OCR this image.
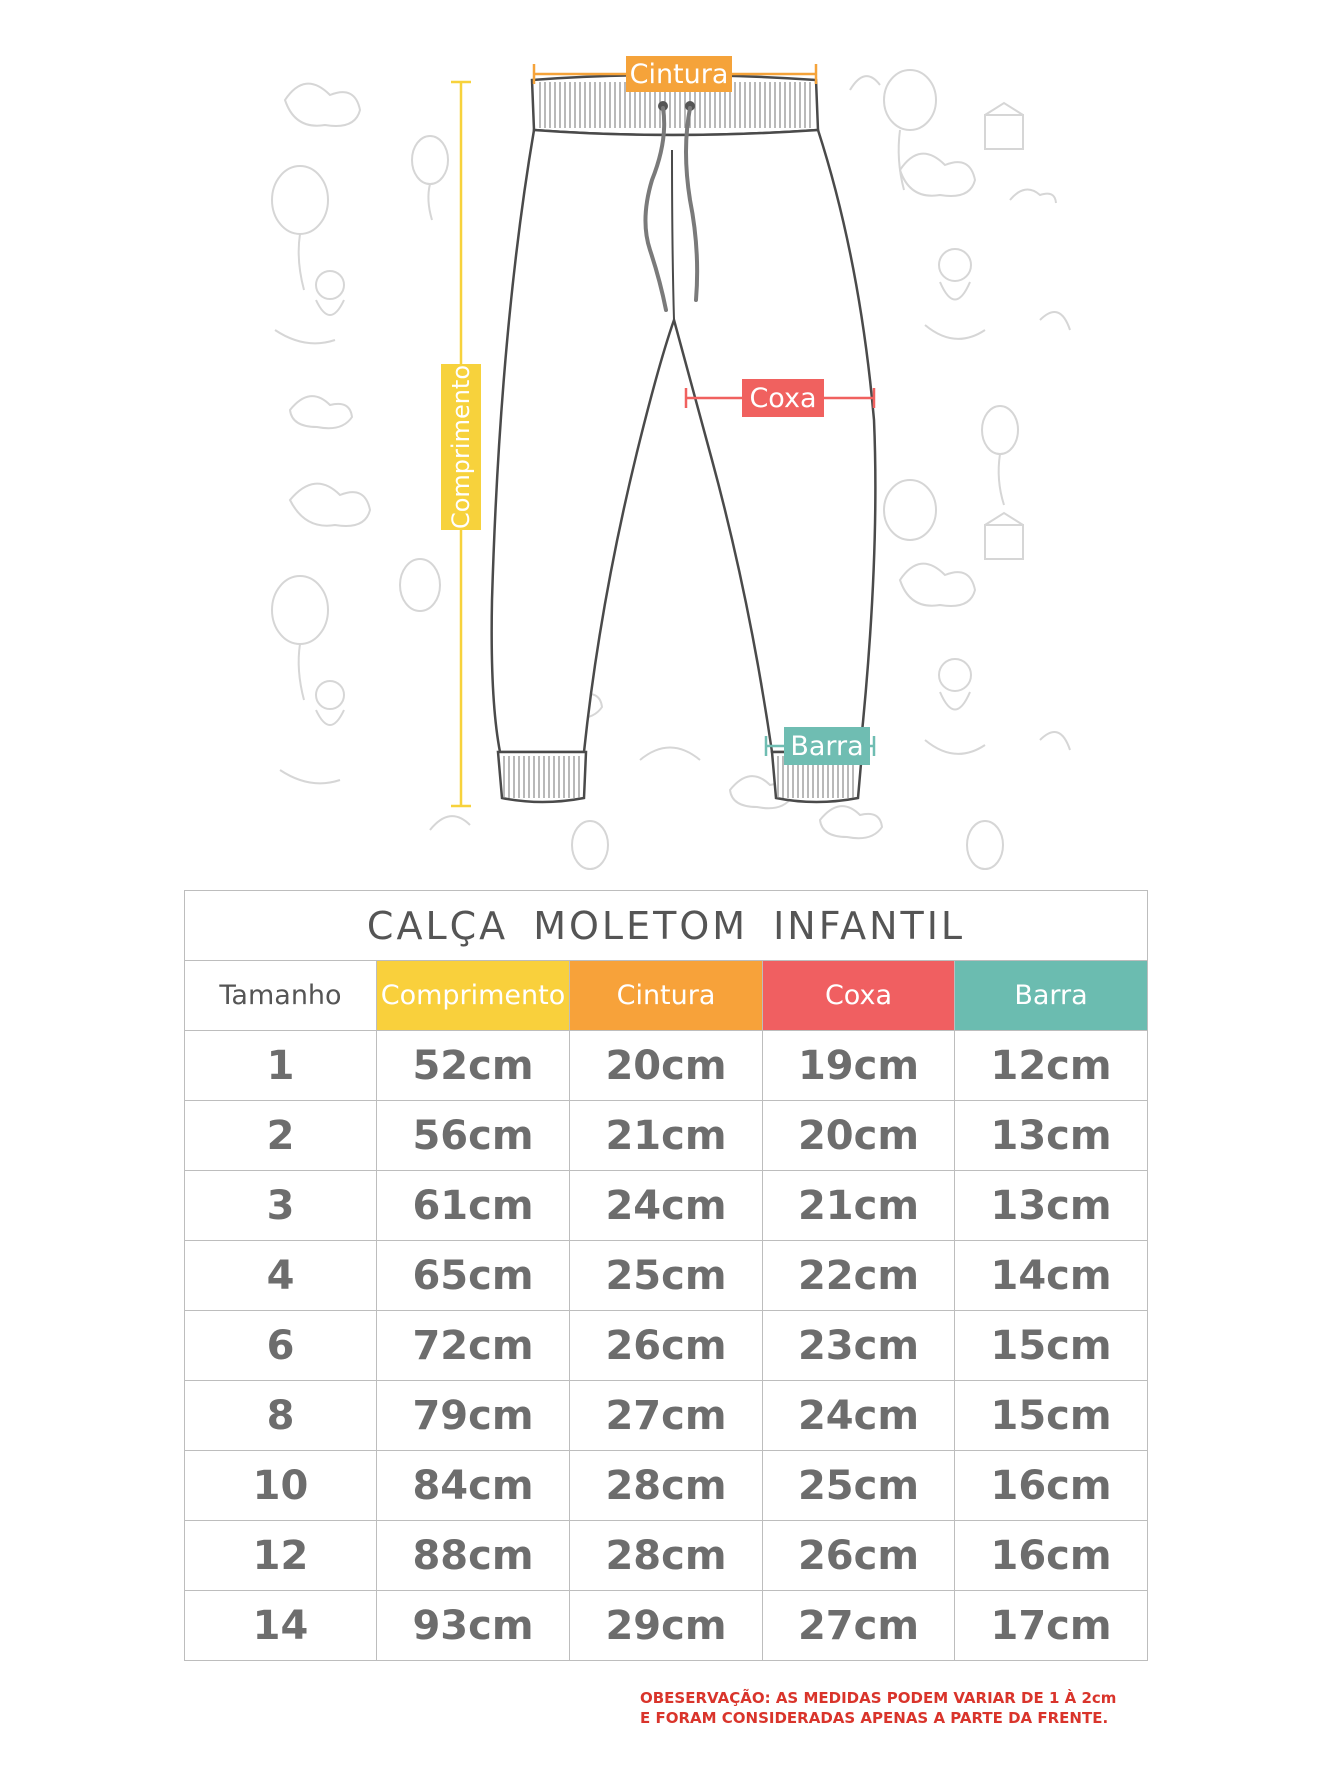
Cintura
Coxa
Barra
Comprimento
CALÇA MOLETOM INFANTIL				
Tamanho	Comprimento	Cintura	Coxa	Barra
1	52cm	20cm	19cm	12cm
2	56cm	21cm	20cm	13cm
3	61cm	24cm	21cm	13cm
4	65cm	25cm	22cm	14cm
6	72cm	26cm	23cm	15cm
8	79cm	27cm	24cm	15cm
10	84cm	28cm	25cm	16cm
12	88cm	28cm	26cm	16cm
14	93cm	29cm	27cm	17cm
OBESERVAÇÃO: AS MEDIDAS PODEM VARIAR DE 1 À 2cm
E FORAM CONSIDERADAS APENAS A PARTE DA FRENTE.
